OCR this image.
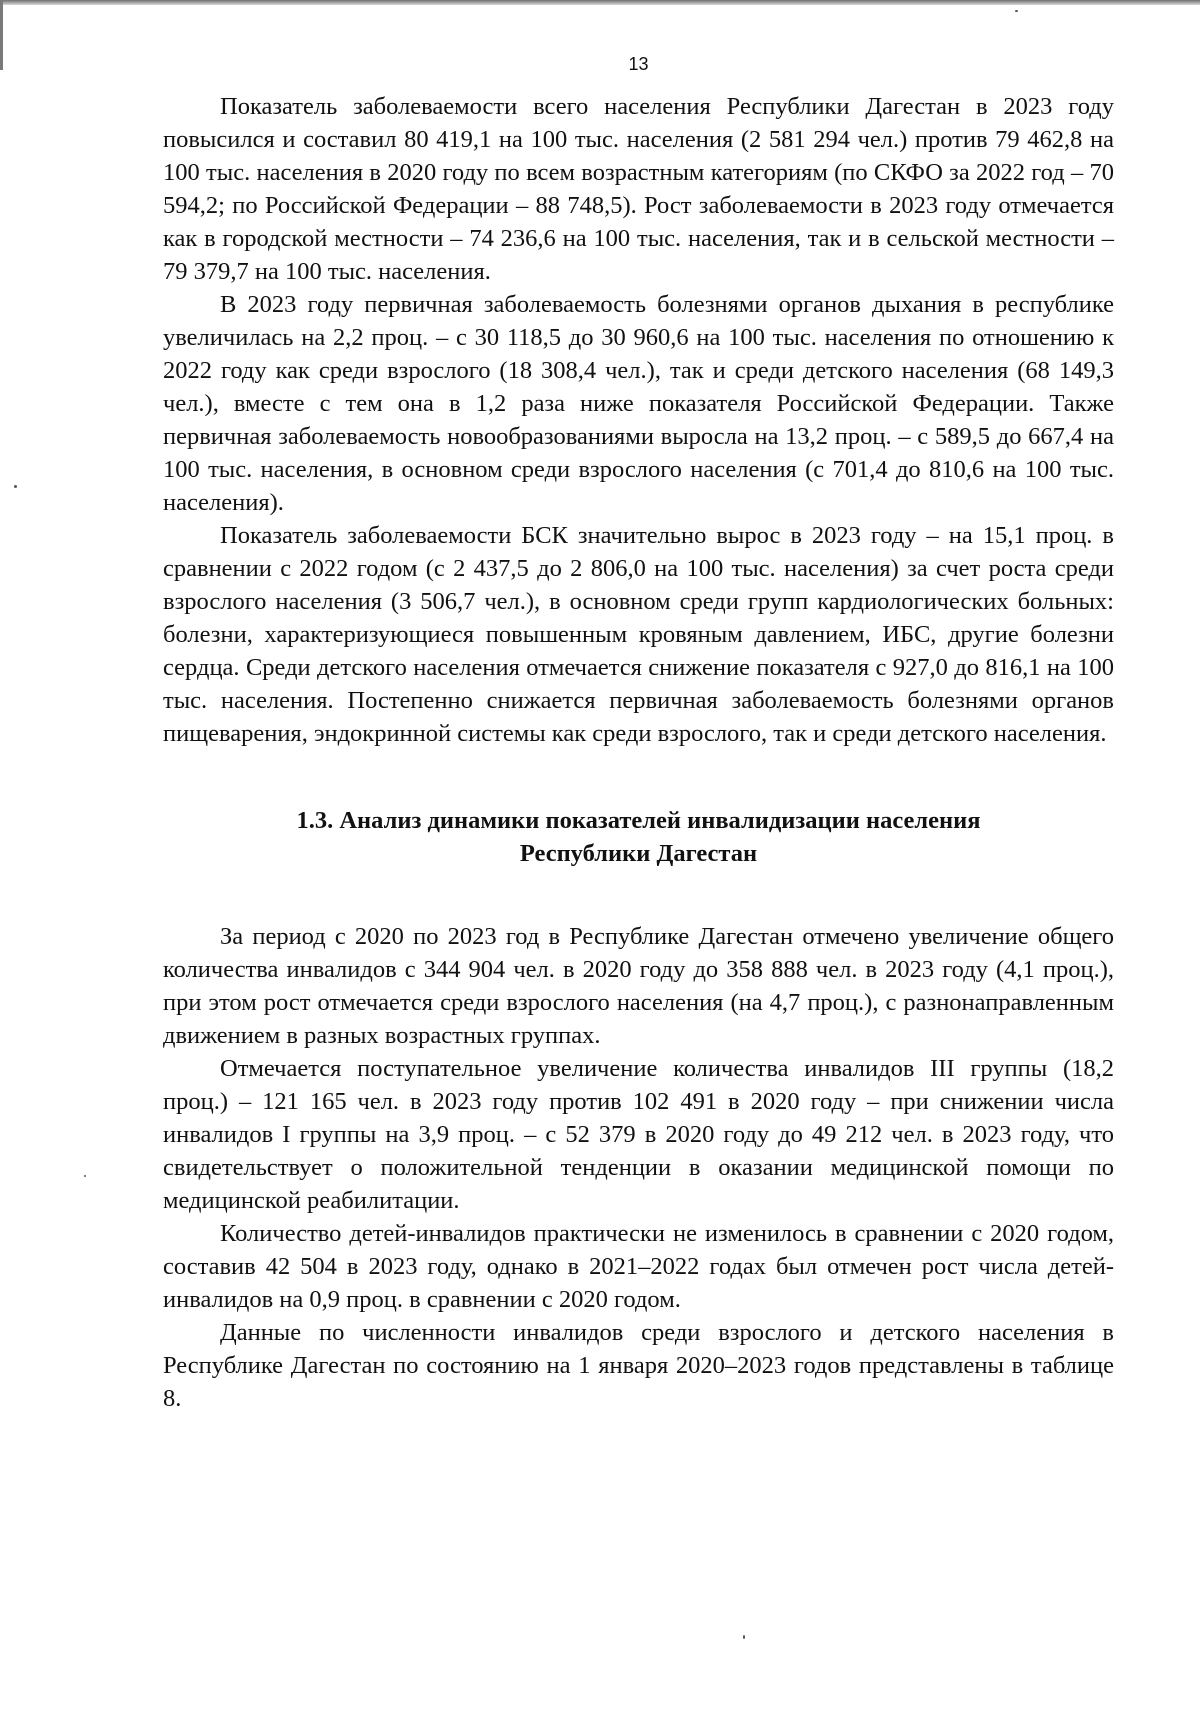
13

Показатель заболеваемости всего населения Республики Дагестан в 2023 году повысился и составил 80 419,1 на 100 тыс. населения (2 581 294 чел.) против 79 462,8 на 100 тыс. населения в 2020 году по всем возрастным категориям (по СКФО за 2022 год – 70 594,2; по Российской Федерации – 88 748,5). Рост заболеваемости в 2023 году отмечается как в городской местности – 74 236,6 на 100 тыс. населения, так и в сельской местности – 79 379,7 на 100 тыс. населения.

В 2023 году первичная заболеваемость болезнями органов дыхания в республике увеличилась на 2,2 проц. – с 30 118,5 до 30 960,6 на 100 тыс. населения по отношению к 2022 году как среди взрослого (18 308,4 чел.), так и среди детского населения (68 149,3 чел.), вместе с тем она в 1,2 раза ниже показателя Российской Федерации. Также первичная заболеваемость новообразованиями выросла на 13,2 проц. – с 589,5 до 667,4 на 100 тыс. населения, в основном среди взрослого населения (с 701,4 до 810,6 на 100 тыс. населения).

Показатель заболеваемости БСК значительно вырос в 2023 году – на 15,1 проц. в сравнении с 2022 годом (с 2 437,5 до 2 806,0 на 100 тыс. населения) за счет роста среди взрослого населения (3 506,7 чел.), в основном среди групп кардиологических больных: болезни, характеризующиеся повышенным кровяным давлением, ИБС, другие болезни сердца. Среди детского населения отмечается снижение показателя с 927,0 до 816,1 на 100 тыс. населения. Постепенно снижается первичная заболеваемость болезнями органов пищеварения, эндокринной системы как среди взрослого, так и среди детского населения.

1.3. Анализ динамики показателей инвалидизации населения
Республики Дагестан

За период с 2020 по 2023 год в Республике Дагестан отмечено увеличение общего количества инвалидов с 344 904 чел. в 2020 году до 358 888 чел. в 2023 году (4,1 проц.), при этом рост отмечается среди взрослого населения (на 4,7 проц.), с разнонаправленным движением в разных возрастных группах.

Отмечается поступательное увеличение количества инвалидов III группы (18,2 проц.) – 121 165 чел. в 2023 году против 102 491 в 2020 году – при снижении числа инвалидов I группы на 3,9 проц. – с 52 379 в 2020 году до 49 212 чел. в 2023 году, что свидетельствует о положительной тенденции в оказании медицинской помощи по медицинской реабилитации.

Количество детей-инвалидов практически не изменилось в сравнении с 2020 годом, составив 42 504 в 2023 году, однако в 2021–2022 годах был отмечен рост числа детей-инвалидов на 0,9 проц. в сравнении с 2020 годом.

Данные по численности инвалидов среди взрослого и детского населения в Республике Дагестан по состоянию на 1 января 2020–2023 годов представлены в таблице 8.
